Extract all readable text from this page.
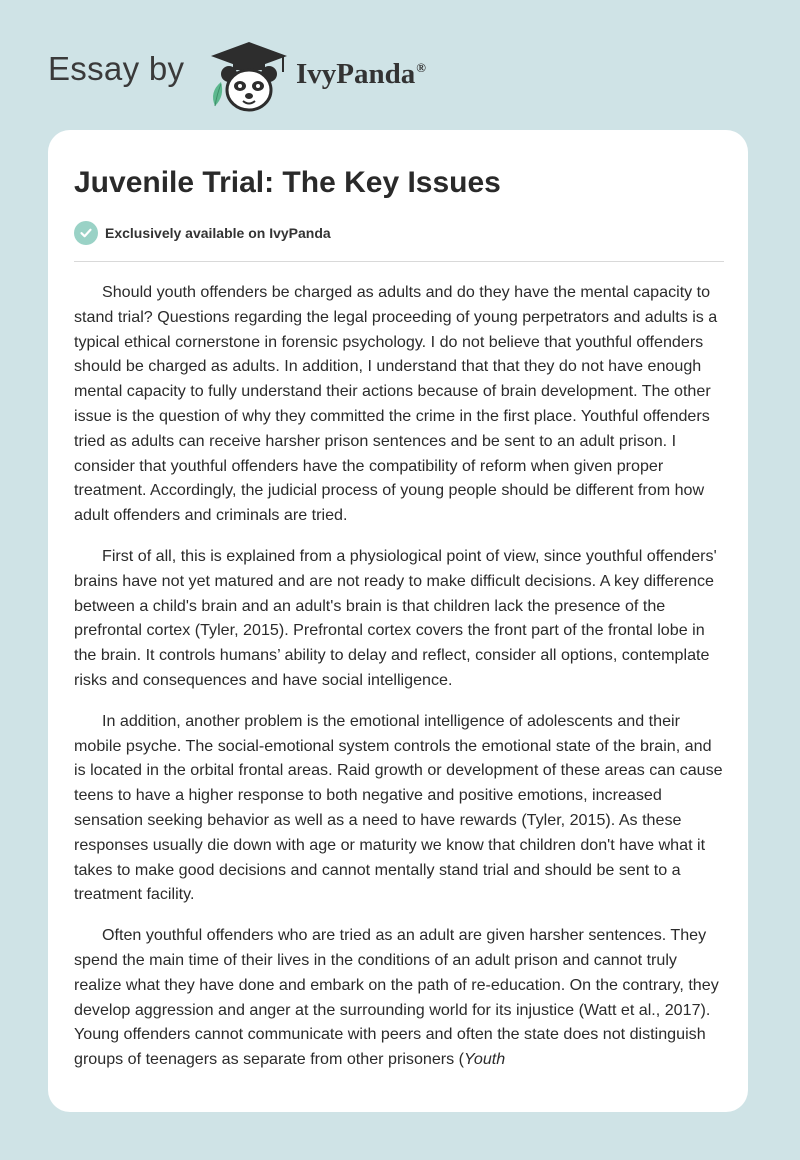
Essay by	IvyPanda®
Juvenile Trial: The Key Issues
Exclusively available on IvyPanda

Should youth offenders be charged as adults and do they have the mental capacity to stand trial? Questions regarding the legal proceeding of young perpetrators and adults is a typical ethical cornerstone in forensic psychology. I do not believe that youthful offenders should be charged as adults. In addition, I understand that that they do not have enough mental capacity to fully understand their actions because of brain development. The other issue is the question of why they committed the crime in the first place. Youthful offenders tried as adults can receive harsher prison sentences and be sent to an adult prison. I consider that youthful offenders have the compatibility of reform when given proper treatment. Accordingly, the judicial process of young people should be different from how adult offenders and criminals are tried.

First of all, this is explained from a physiological point of view, since youthful offenders' brains have not yet matured and are not ready to make difficult decisions. A key difference between a child's brain and an adult's brain is that children lack the presence of the prefrontal cortex (Tyler, 2015). Prefrontal cortex covers the front part of the frontal lobe in the brain. It controls humans’ ability to delay and reflect, consider all options, contemplate risks and consequences and have social intelligence.

In addition, another problem is the emotional intelligence of adolescents and their mobile psyche. The social-emotional system controls the emotional state of the brain, and is located in the orbital frontal areas. Raid growth or development of these areas can cause teens to have a higher response to both negative and positive emotions, increased sensation seeking behavior as well as a need to have rewards (Tyler, 2015). As these responses usually die down with age or maturity we know that children don't have what it takes to make good decisions and cannot mentally stand trial and should be sent to a treatment facility.

Often youthful offenders who are tried as an adult are given harsher sentences. They spend the main time of their lives in the conditions of an adult prison and cannot truly realize what they have done and embark on the path of re-education. On the contrary, they develop aggression and anger at the surrounding world for its injustice (Watt et al., 2017). Young offenders cannot communicate with peers and often the state does not distinguish groups of teenagers as separate from other prisoners (Youth
